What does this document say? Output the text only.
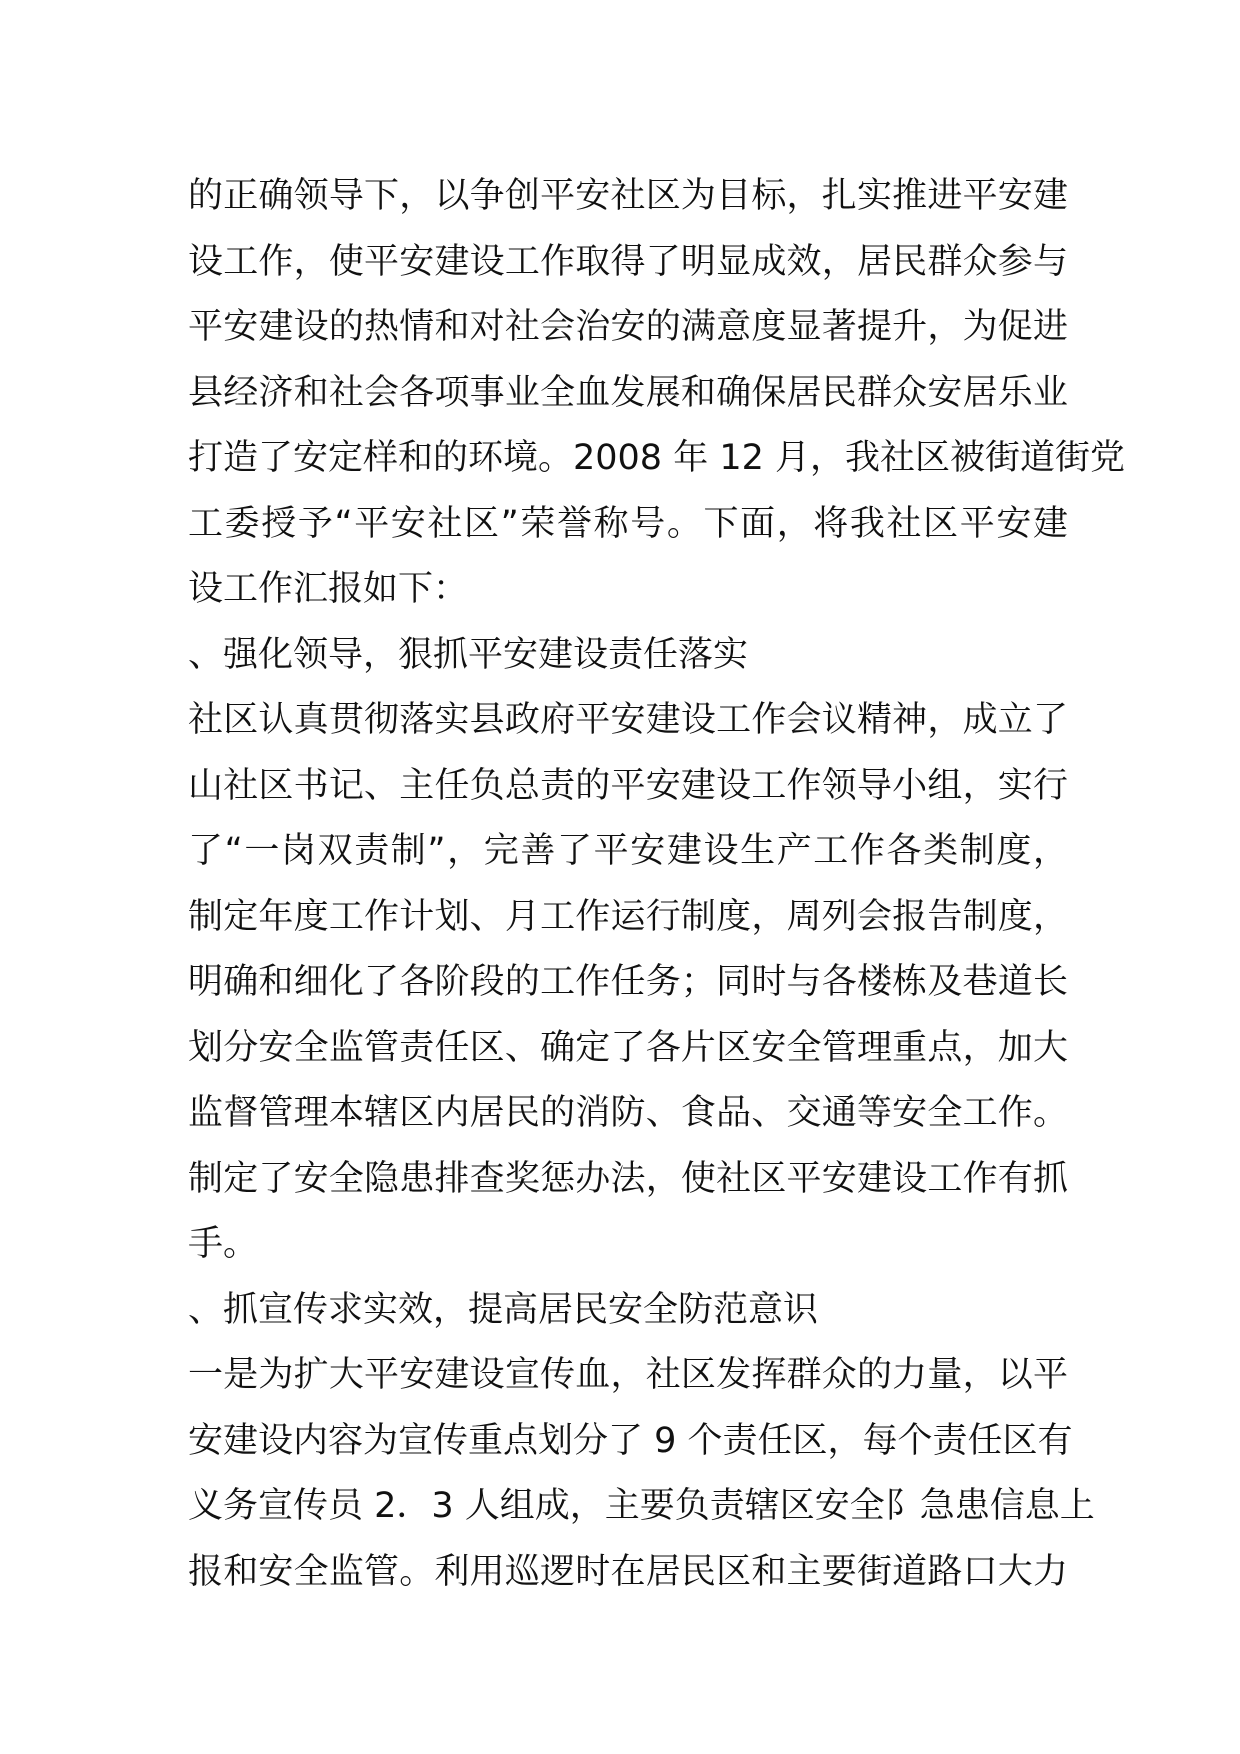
的正确领导下，以争创平安社区为目标，扎实推进平安建
设工作，使平安建设工作取得了明显成效，居民群众参与
平安建设的热情和对社会治安的满意度显著提升，为促进
县经济和社会各项事业全血发展和确保居民群众安居乐业
打造了安定样和的环境。2008 年 12 月，我社区被街道街党
工委授予“平安社区”荣誉称号。下面，将我社区平安建
设工作汇报如下：
、强化领导，狠抓平安建设责任落实
社区认真贯彻落实县政府平安建设工作会议精神，成立了
山社区书记、主任负总责的平安建设工作领导小组，实行
了“一岗双责制”，完善了平安建设生产工作各类制度，
制定年度工作计划、月工作运行制度，周列会报告制度，
明确和细化了各阶段的工作任务；同时与各楼栋及巷道长
划分安全监管责任区、确定了各片区安全管理重点，加大
监督管理本辖区内居民的消防、食品、交通等安全工作。
制定了安全隐患排查奖惩办法，使社区平安建设工作有抓
手。
、抓宣传求实效，提高居民安全防范意识
一是为扩大平安建设宣传血，社区发挥群众的力量，以平
安建设内容为宣传重点划分了 9 个责任区，每个责任区有
义务宣传员 2．3 人组成，主要负责辖区安全阝急患信息上
报和安全监管。利用巡逻时在居民区和主要街道路口大力
